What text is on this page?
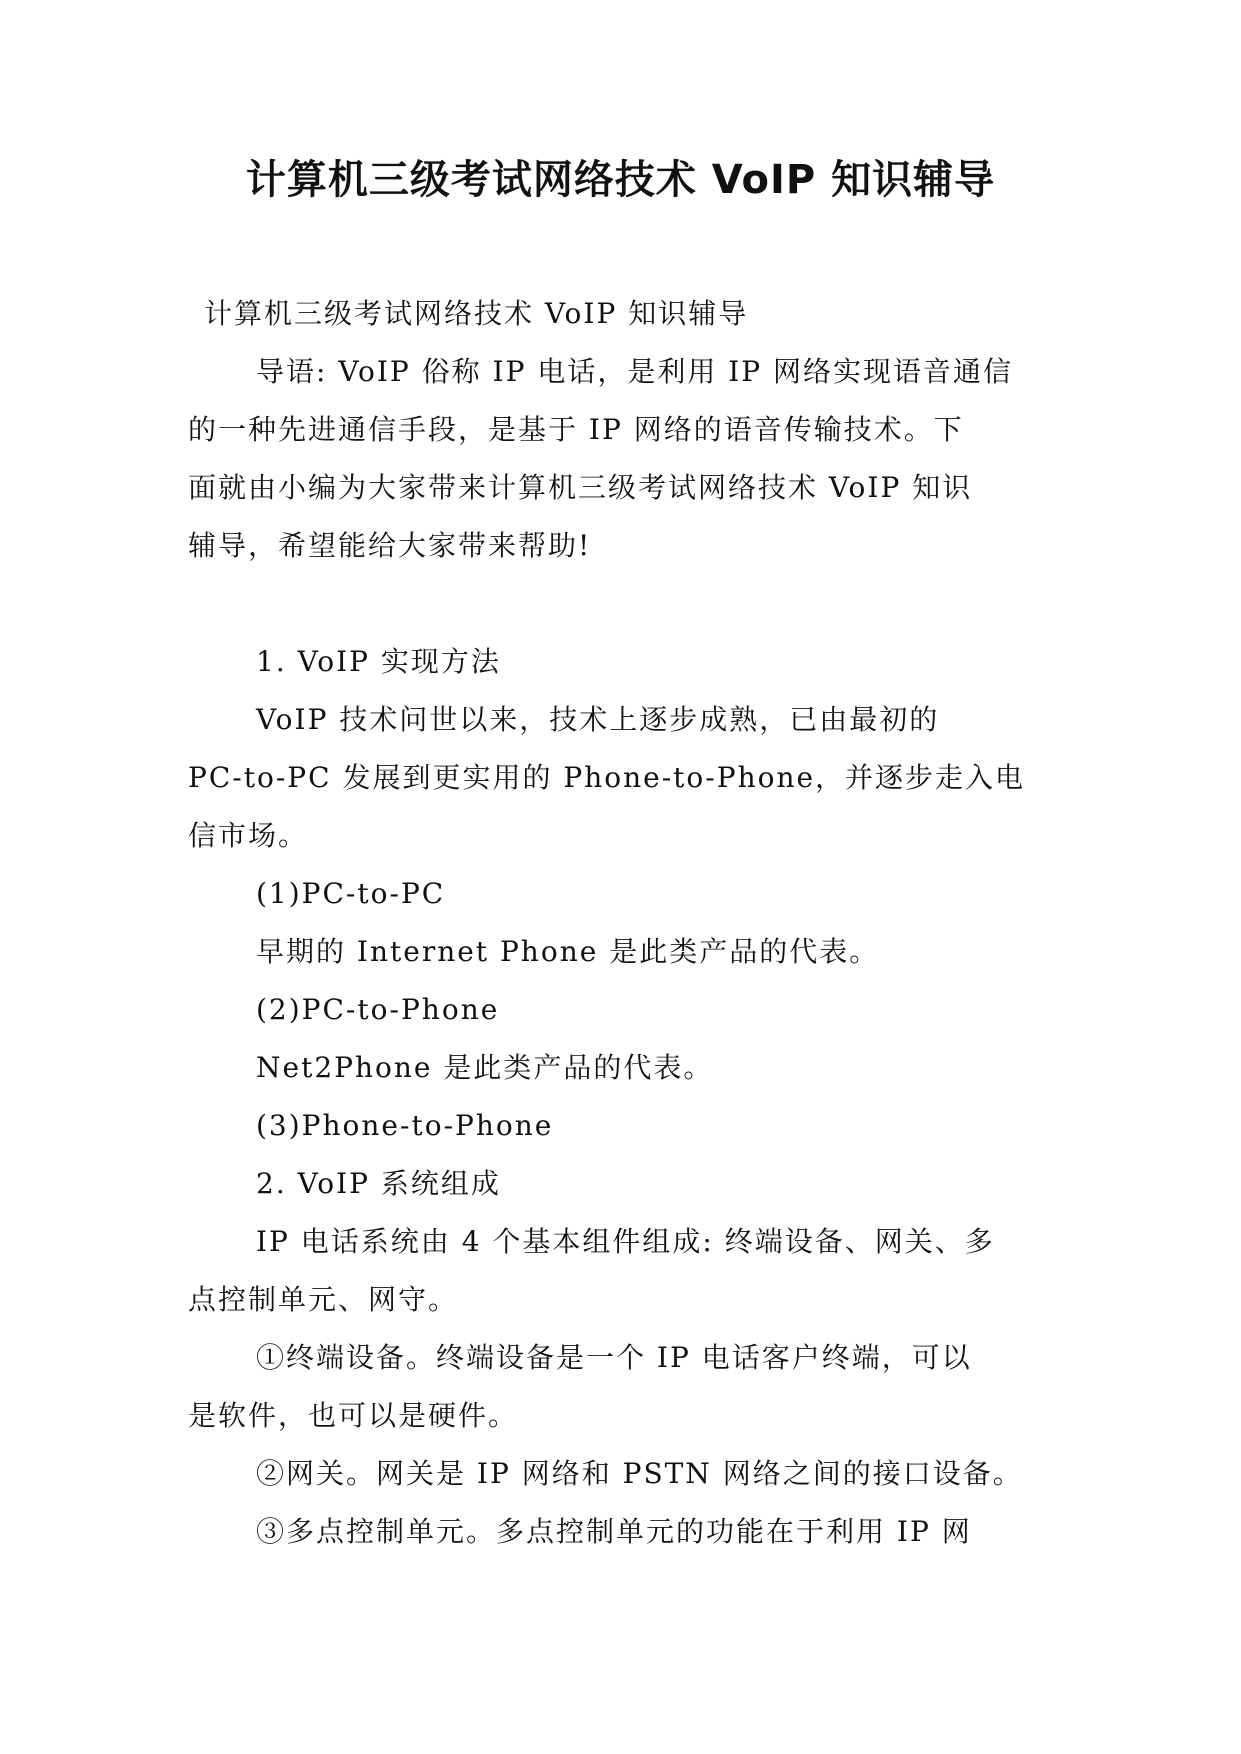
计算机三级考试网络技术 VoIP 知识辅导

计算机三级考试网络技术 VoIP 知识辅导

导语: VoIP 俗称 IP 电话，是利用 IP 网络实现语音通信

的一种先进通信手段，是基于 IP 网络的语音传输技术。下

面就由小编为大家带来计算机三级考试网络技术 VoIP 知识

辅导，希望能给大家带来帮助!

1. VoIP 实现方法

VoIP 技术问世以来，技术上逐步成熟，已由最初的

PC-to-PC 发展到更实用的 Phone-to-Phone，并逐步走入电

信市场。

(1)PC-to-PC

早期的 Internet Phone 是此类产品的代表。

(2)PC-to-Phone

Net2Phone 是此类产品的代表。

(3)Phone-to-Phone

2. VoIP 系统组成

IP 电话系统由 4 个基本组件组成: 终端设备、网关、多

点控制单元、网守。

①终端设备。终端设备是一个 IP 电话客户终端，可以

是软件，也可以是硬件。

②网关。网关是 IP 网络和 PSTN 网络之间的接口设备。

③多点控制单元。多点控制单元的功能在于利用 IP 网
